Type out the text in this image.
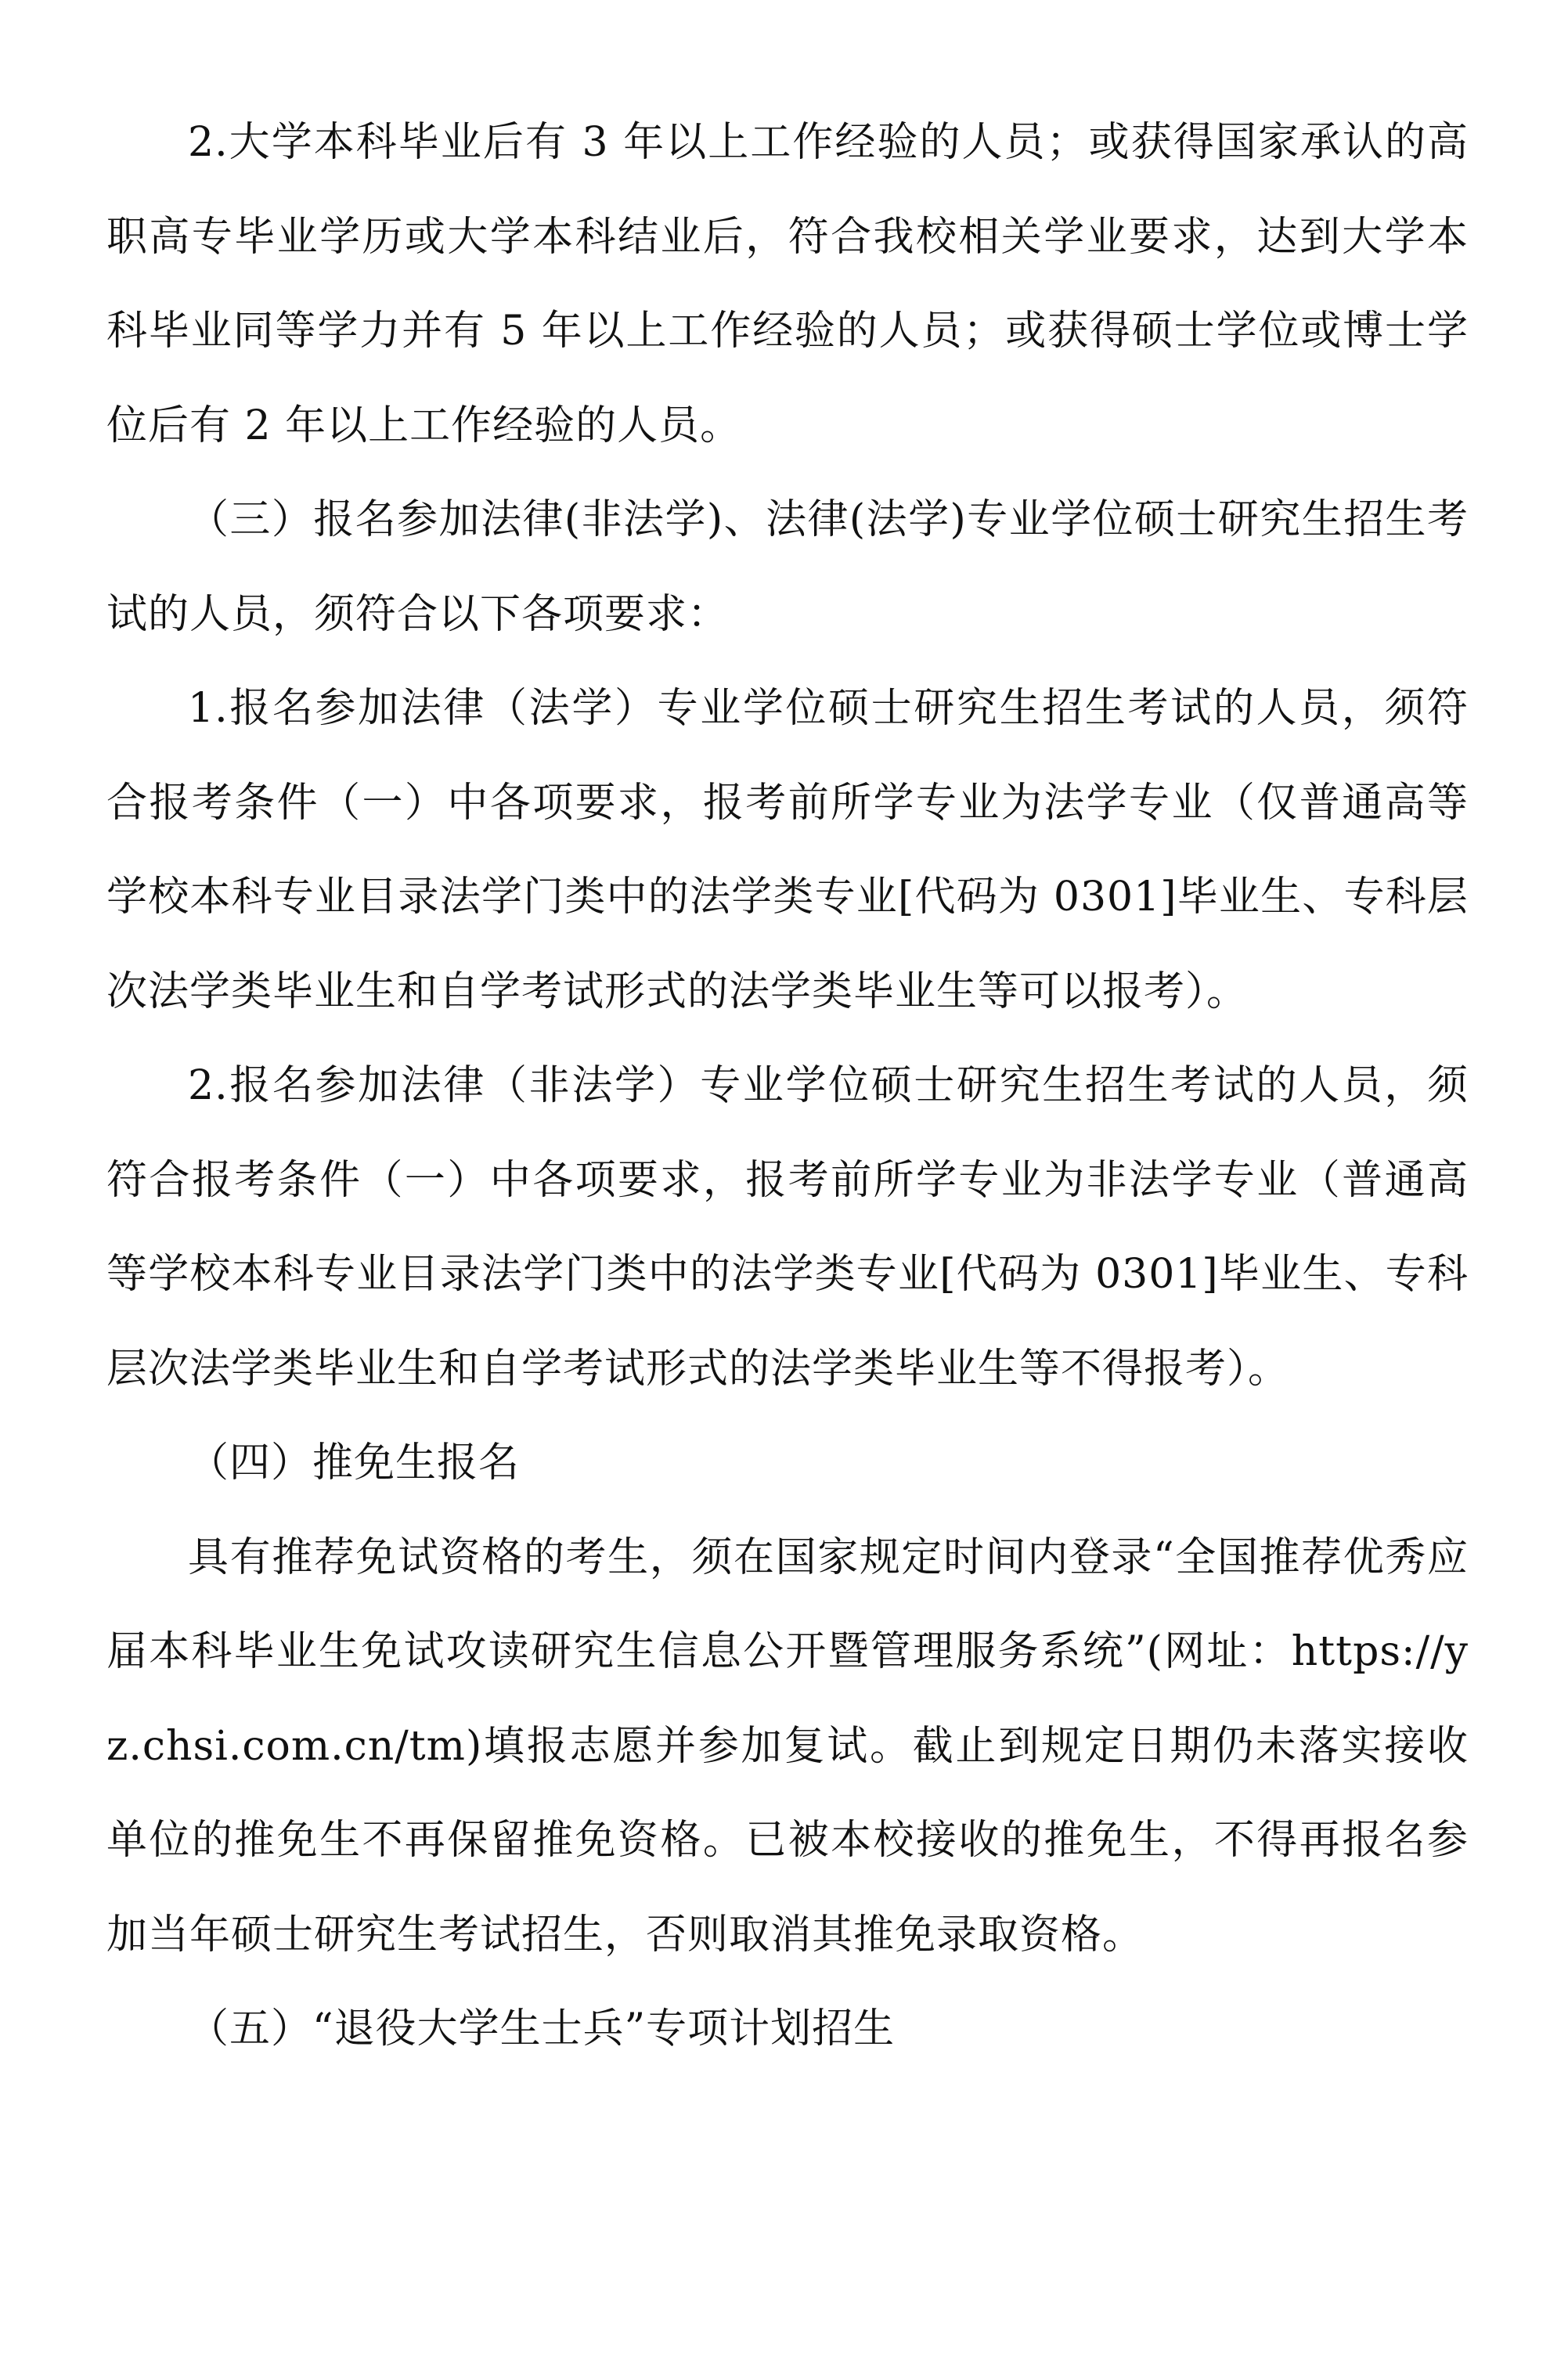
2.大学本科毕业后有 3 年以上工作经验的人员；或获得国家承认的高职高专毕业学历或大学本科结业后，符合我校相关学业要求，达到大学本科毕业同等学力并有 5 年以上工作经验的人员；或获得硕士学位或博士学位后有 2 年以上工作经验的人员。

（三）报名参加法律(非法学)、法律(法学)专业学位硕士研究生招生考试的人员，须符合以下各项要求：

1.报名参加法律（法学）专业学位硕士研究生招生考试的人员，须符合报考条件（一）中各项要求，报考前所学专业为法学专业（仅普通高等学校本科专业目录法学门类中的法学类专业[代码为 0301]毕业生、专科层次法学类毕业生和自学考试形式的法学类毕业生等可以报考）。

2.报名参加法律（非法学）专业学位硕士研究生招生考试的人员，须符合报考条件（一）中各项要求，报考前所学专业为非法学专业（普通高等学校本科专业目录法学门类中的法学类专业[代码为 0301]毕业生、专科层次法学类毕业生和自学考试形式的法学类毕业生等不得报考）。

（四）推免生报名

具有推荐免试资格的考生，须在国家规定时间内登录“全国推荐优秀应届本科毕业生免试攻读研究生信息公开暨管理服务系统”(网址：https://yz.chsi.com.cn/tm)填报志愿并参加复试。截止到规定日期仍未落实接收单位的推免生不再保留推免资格。已被本校接收的推免生，不得再报名参加当年硕士研究生考试招生，否则取消其推免录取资格。

（五）“退役大学生士兵”专项计划招生
